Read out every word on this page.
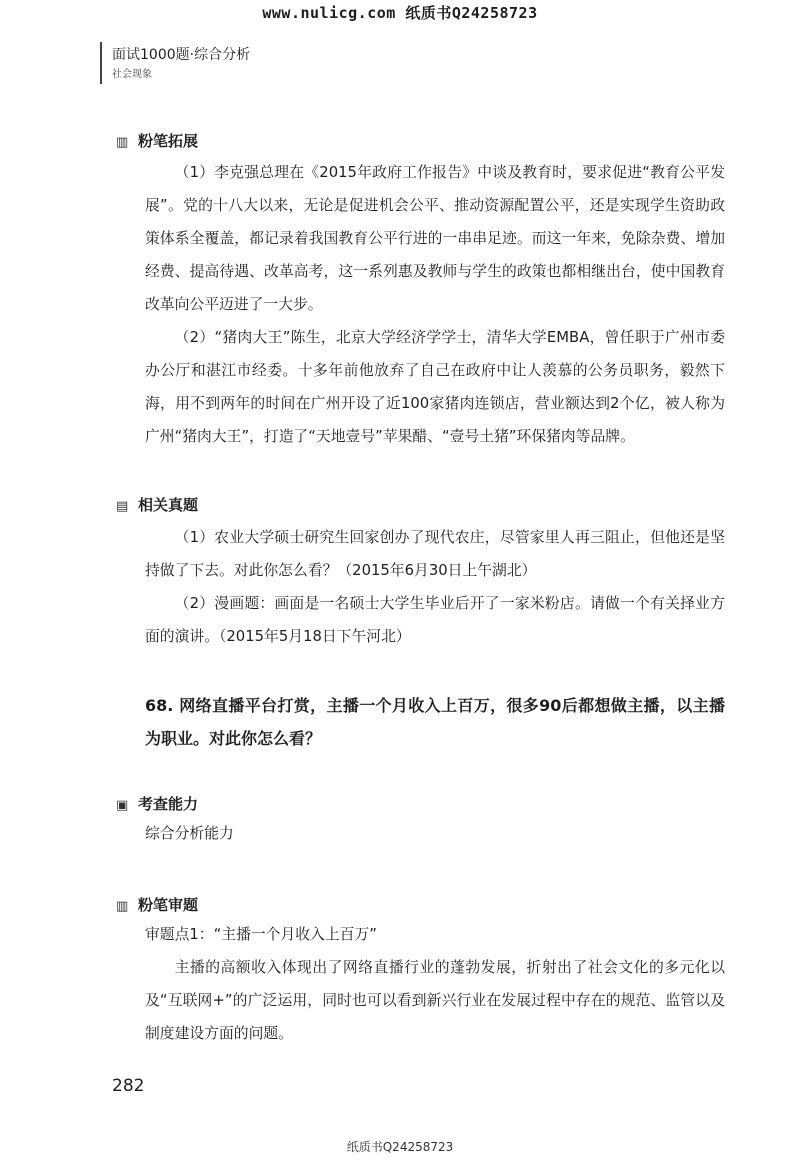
www.nulicg.com 纸质书Q24258723
面试1000题·综合分析
社会现象
▥ 粉笔拓展
（1）李克强总理在《2015年政府工作报告》中谈及教育时，要求促进“教育公平发展”。党的十八大以来，无论是促进机会公平、推动资源配置公平，还是实现学生资助政策体系全覆盖，都记录着我国教育公平行进的一串串足迹。而这一年来，免除杂费、增加经费、提高待遇、改革高考，这一系列惠及教师与学生的政策也都相继出台，使中国教育改革向公平迈进了一大步。
（2）“猪肉大王”陈生，北京大学经济学学士，清华大学EMBA，曾任职于广州市委办公厅和湛江市经委。十多年前他放弃了自己在政府中让人羡慕的公务员职务，毅然下海，用不到两年的时间在广州开设了近100家猪肉连锁店，营业额达到2个亿，被人称为广州“猪肉大王”，打造了“天地壹号”苹果醋、“壹号土猪”环保猪肉等品牌。
▤ 相关真题
（1）农业大学硕士研究生回家创办了现代农庄，尽管家里人再三阻止，但他还是坚持做了下去。对此你怎么看？（2015年6月30日上午湖北）
（2）漫画题：画面是一名硕士大学生毕业后开了一家米粉店。请做一个有关择业方面的演讲。（2015年5月18日下午河北）
68. 网络直播平台打赏，主播一个月收入上百万，很多90后都想做主播，以主播为职业。对此你怎么看？
▣ 考查能力
综合分析能力
▥ 粉笔审题
审题点1：“主播一个月收入上百万”
主播的高额收入体现出了网络直播行业的蓬勃发展，折射出了社会文化的多元化以及“互联网+”的广泛运用，同时也可以看到新兴行业在发展过程中存在的规范、监管以及制度建设方面的问题。
282
纸质书Q24258723
